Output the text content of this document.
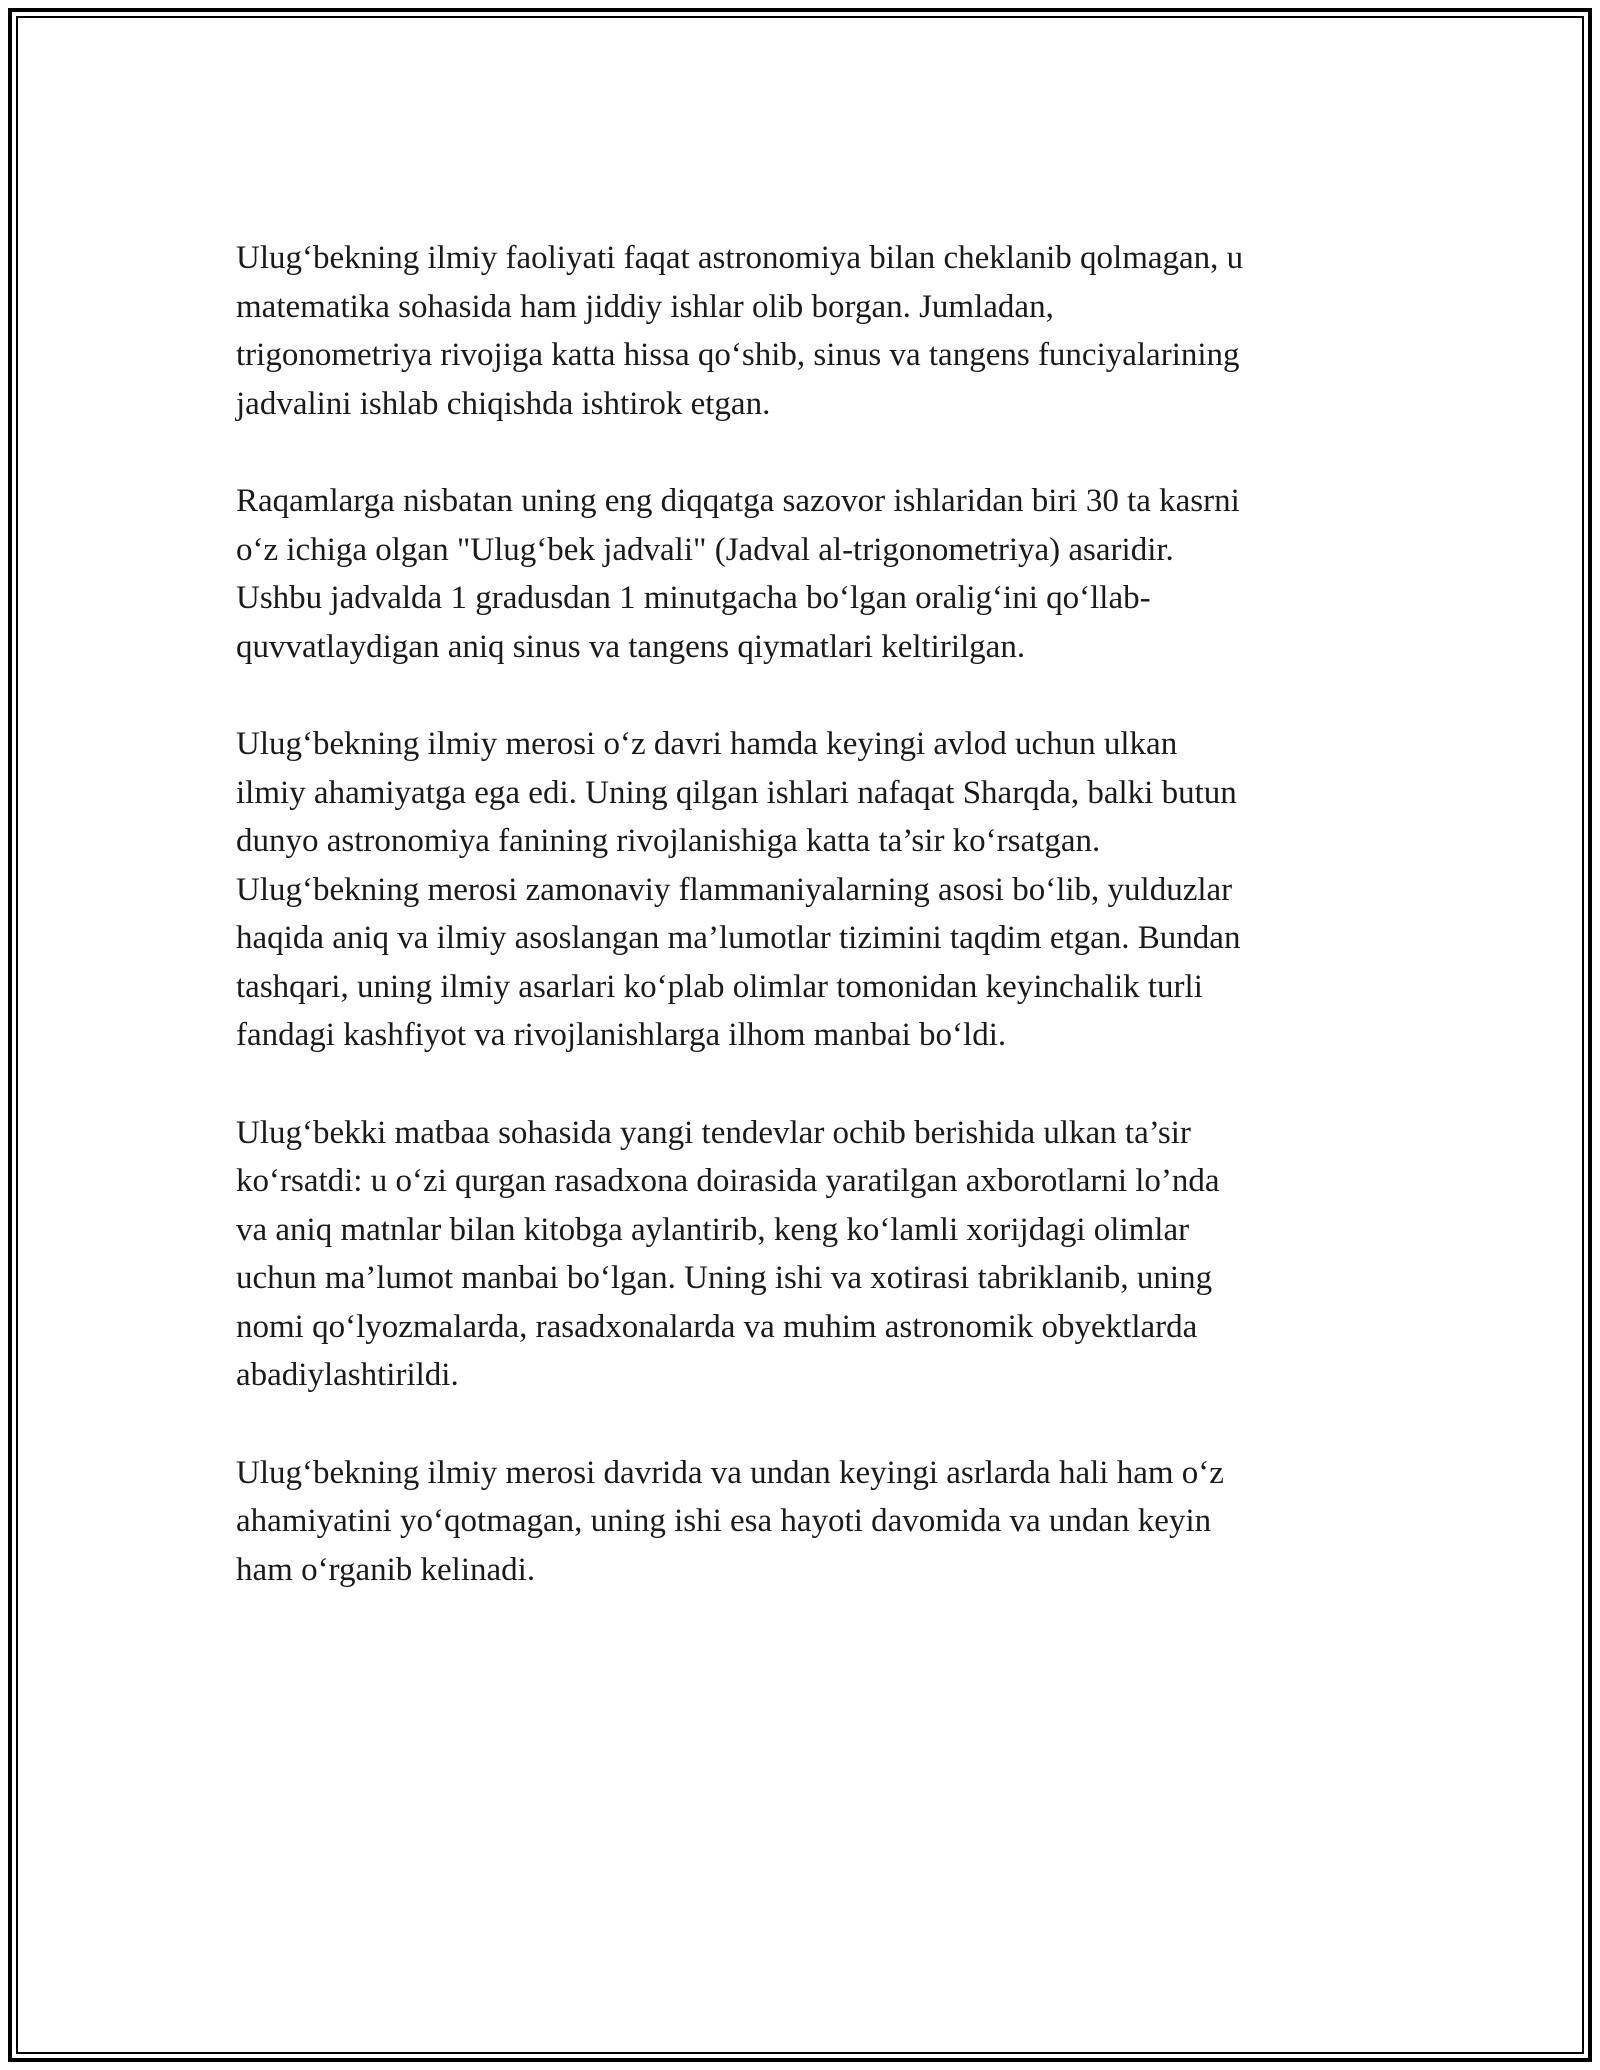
Ulug‘bekning ilmiy faoliyati faqat astronomiya bilan cheklanib qolmagan, u
matematika sohasida ham jiddiy ishlar olib borgan. Jumladan,
trigonometriya rivojiga katta hissa qo‘shib, sinus va tangens funciyalarining
jadvalini ishlab chiqishda ishtirok etgan.

Raqamlarga nisbatan uning eng diqqatga sazovor ishlaridan biri 30 ta kasrni
o‘z ichiga olgan "Ulug‘bek jadvali" (Jadval al-trigonometriya) asaridir.
Ushbu jadvalda 1 gradusdan 1 minutgacha bo‘lgan oralig‘ini qo‘llab-
quvvatlaydigan aniq sinus va tangens qiymatlari keltirilgan.

Ulug‘bekning ilmiy merosi o‘z davri hamda keyingi avlod uchun ulkan
ilmiy ahamiyatga ega edi. Uning qilgan ishlari nafaqat Sharqda, balki butun
dunyo astronomiya fanining rivojlanishiga katta ta’sir ko‘rsatgan.
Ulug‘bekning merosi zamonaviy flammaniyalarning asosi bo‘lib, yulduzlar
haqida aniq va ilmiy asoslangan ma’lumotlar tizimini taqdim etgan. Bundan
tashqari, uning ilmiy asarlari ko‘plab olimlar tomonidan keyinchalik turli
fandagi kashfiyot va rivojlanishlarga ilhom manbai bo‘ldi.

Ulug‘bekki matbaa sohasida yangi tendevlar ochib berishida ulkan ta’sir
ko‘rsatdi: u o‘zi qurgan rasadxona doirasida yaratilgan axborotlarni lo’nda
va aniq matnlar bilan kitobga aylantirib, keng ko‘lamli xorijdagi olimlar
uchun ma’lumot manbai bo‘lgan. Uning ishi va xotirasi tabriklanib, uning
nomi qo‘lyozmalarda, rasadxonalarda va muhim astronomik obyektlarda
abadiylashtirildi.

Ulug‘bekning ilmiy merosi davrida va undan keyingi asrlarda hali ham o‘z
ahamiyatini yo‘qotmagan, uning ishi esa hayoti davomida va undan keyin
ham o‘rganib kelinadi.
